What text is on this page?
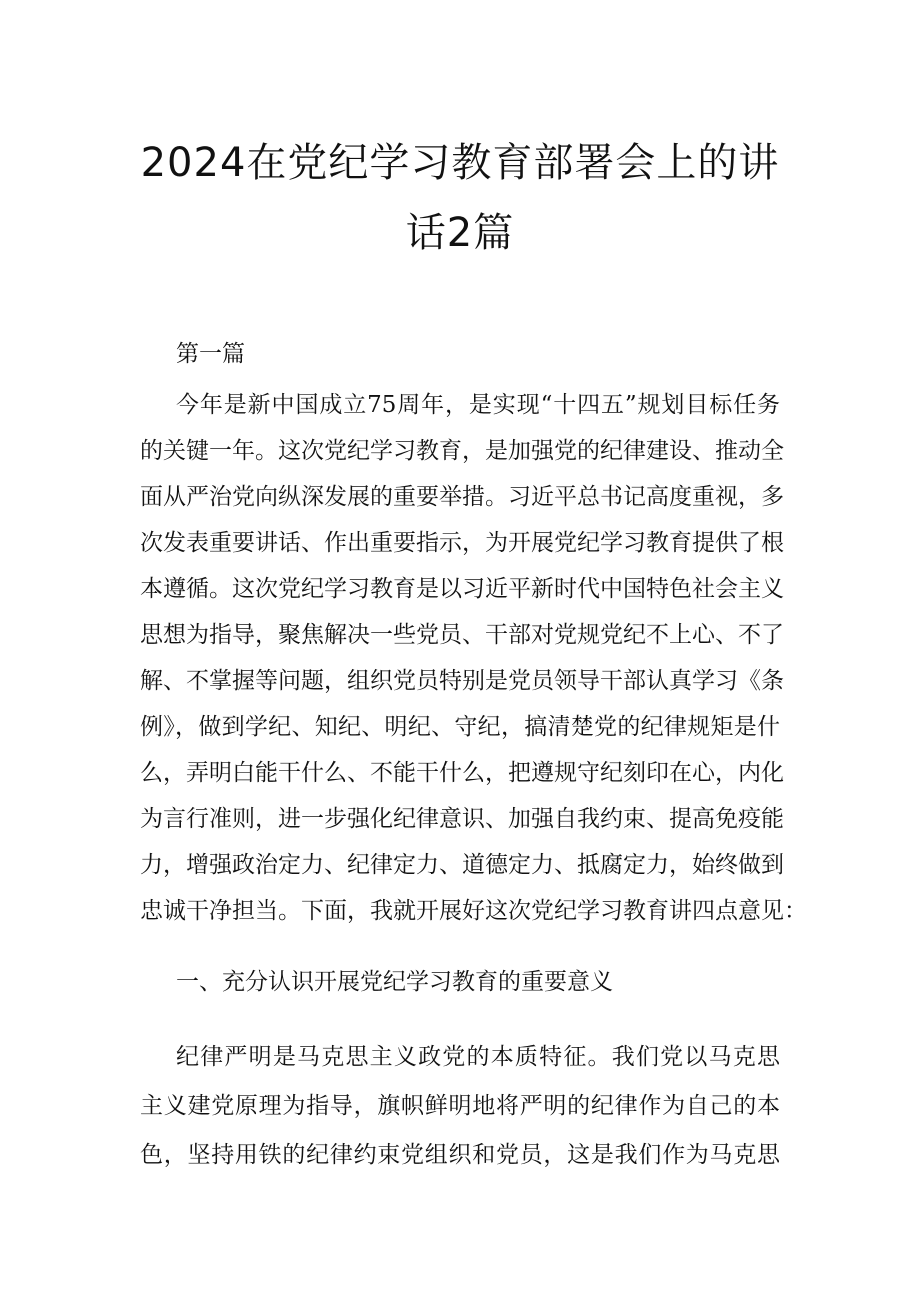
2024在党纪学习教育部署会上的讲
话2篇
第一篇
今年是新中国成立75周年，是实现“十四五”规划目标任务
的关键一年。这次党纪学习教育，是加强党的纪律建设、推动全
面从严治党向纵深发展的重要举措。习近平总书记高度重视，多
次发表重要讲话、作出重要指示，为开展党纪学习教育提供了根
本遵循。这次党纪学习教育是以习近平新时代中国特色社会主义
思想为指导，聚焦解决一些党员、干部对党规党纪不上心、不了
解、不掌握等问题，组织党员特别是党员领导干部认真学习《条
例》，做到学纪、知纪、明纪、守纪，搞清楚党的纪律规矩是什
么，弄明白能干什么、不能干什么，把遵规守纪刻印在心，内化
为言行准则，进一步强化纪律意识、加强自我约束、提高免疫能
力，增强政治定力、纪律定力、道德定力、抵腐定力，始终做到
忠诚干净担当。下面，我就开展好这次党纪学习教育讲四点意见：
一、充分认识开展党纪学习教育的重要意义
纪律严明是马克思主义政党的本质特征。我们党以马克思
主义建党原理为指导，旗帜鲜明地将严明的纪律作为自己的本
色，坚持用铁的纪律约束党组织和党员，这是我们作为马克思
